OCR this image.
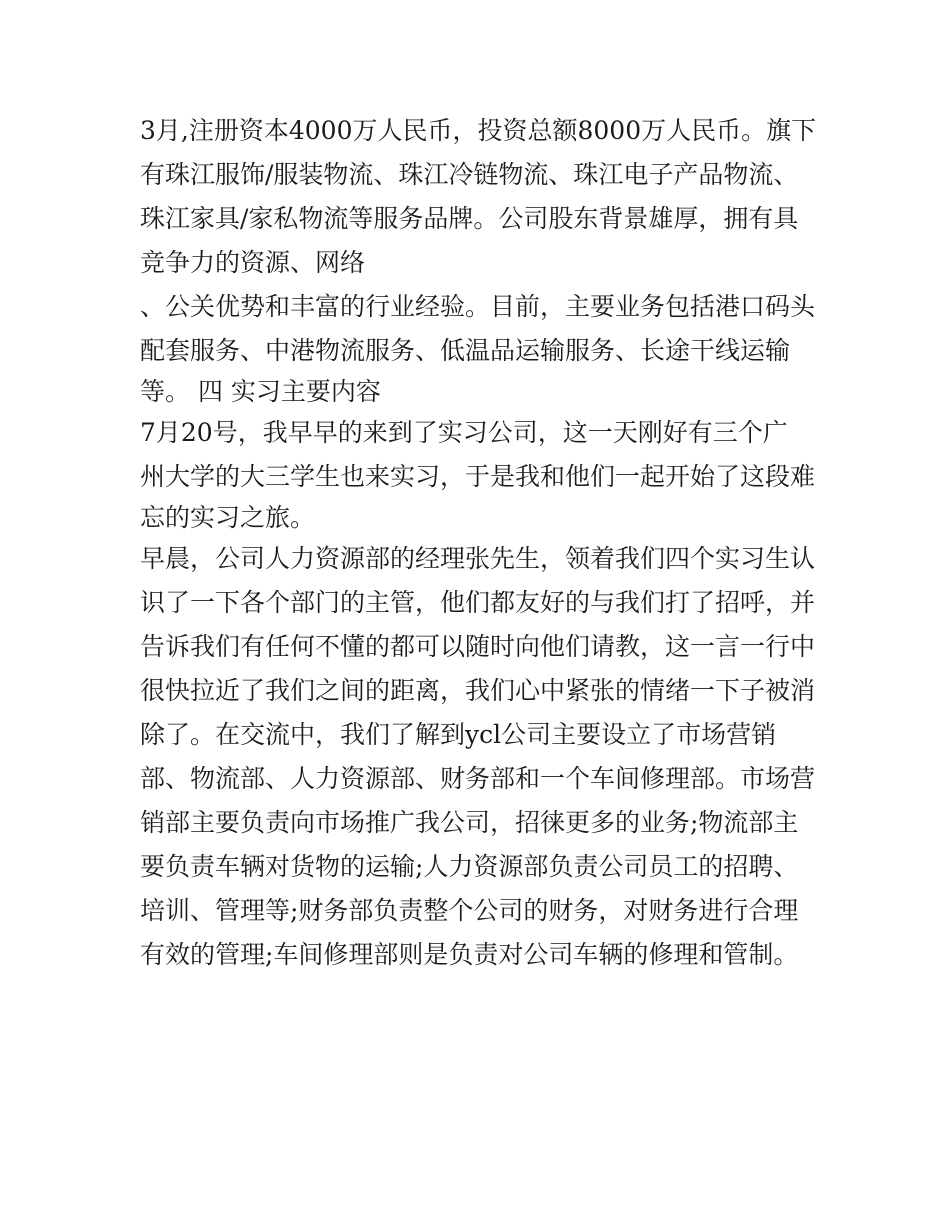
3月,注册资本4000万人民币，投资总额8000万人民币。旗下
有珠江服饰/服装物流、珠江冷链物流、珠江电子产品物流、
珠江家具/家私物流等服务品牌。公司股东背景雄厚，拥有具
竞争力的资源、网络
、公关优势和丰富的行业经验。目前，主要业务包括港口码头
配套服务、中港物流服务、低温品运输服务、长途干线运输
等。 四 实习主要内容
7月20号，我早早的来到了实习公司，这一天刚好有三个广
州大学的大三学生也来实习，于是我和他们一起开始了这段难
忘的实习之旅。
早晨，公司人力资源部的经理张先生，领着我们四个实习生认
识了一下各个部门的主管，他们都友好的与我们打了招呼，并
告诉我们有任何不懂的都可以随时向他们请教，这一言一行中
很快拉近了我们之间的距离，我们心中紧张的情绪一下子被消
除了。在交流中，我们了解到ycl公司主要设立了市场营销
部、物流部、人力资源部、财务部和一个车间修理部。市场营
销部主要负责向市场推广我公司，招徕更多的业务;物流部主
要负责车辆对货物的运输;人力资源部负责公司员工的招聘、
培训、管理等;财务部负责整个公司的财务，对财务进行合理
有效的管理;车间修理部则是负责对公司车辆的修理和管制。
